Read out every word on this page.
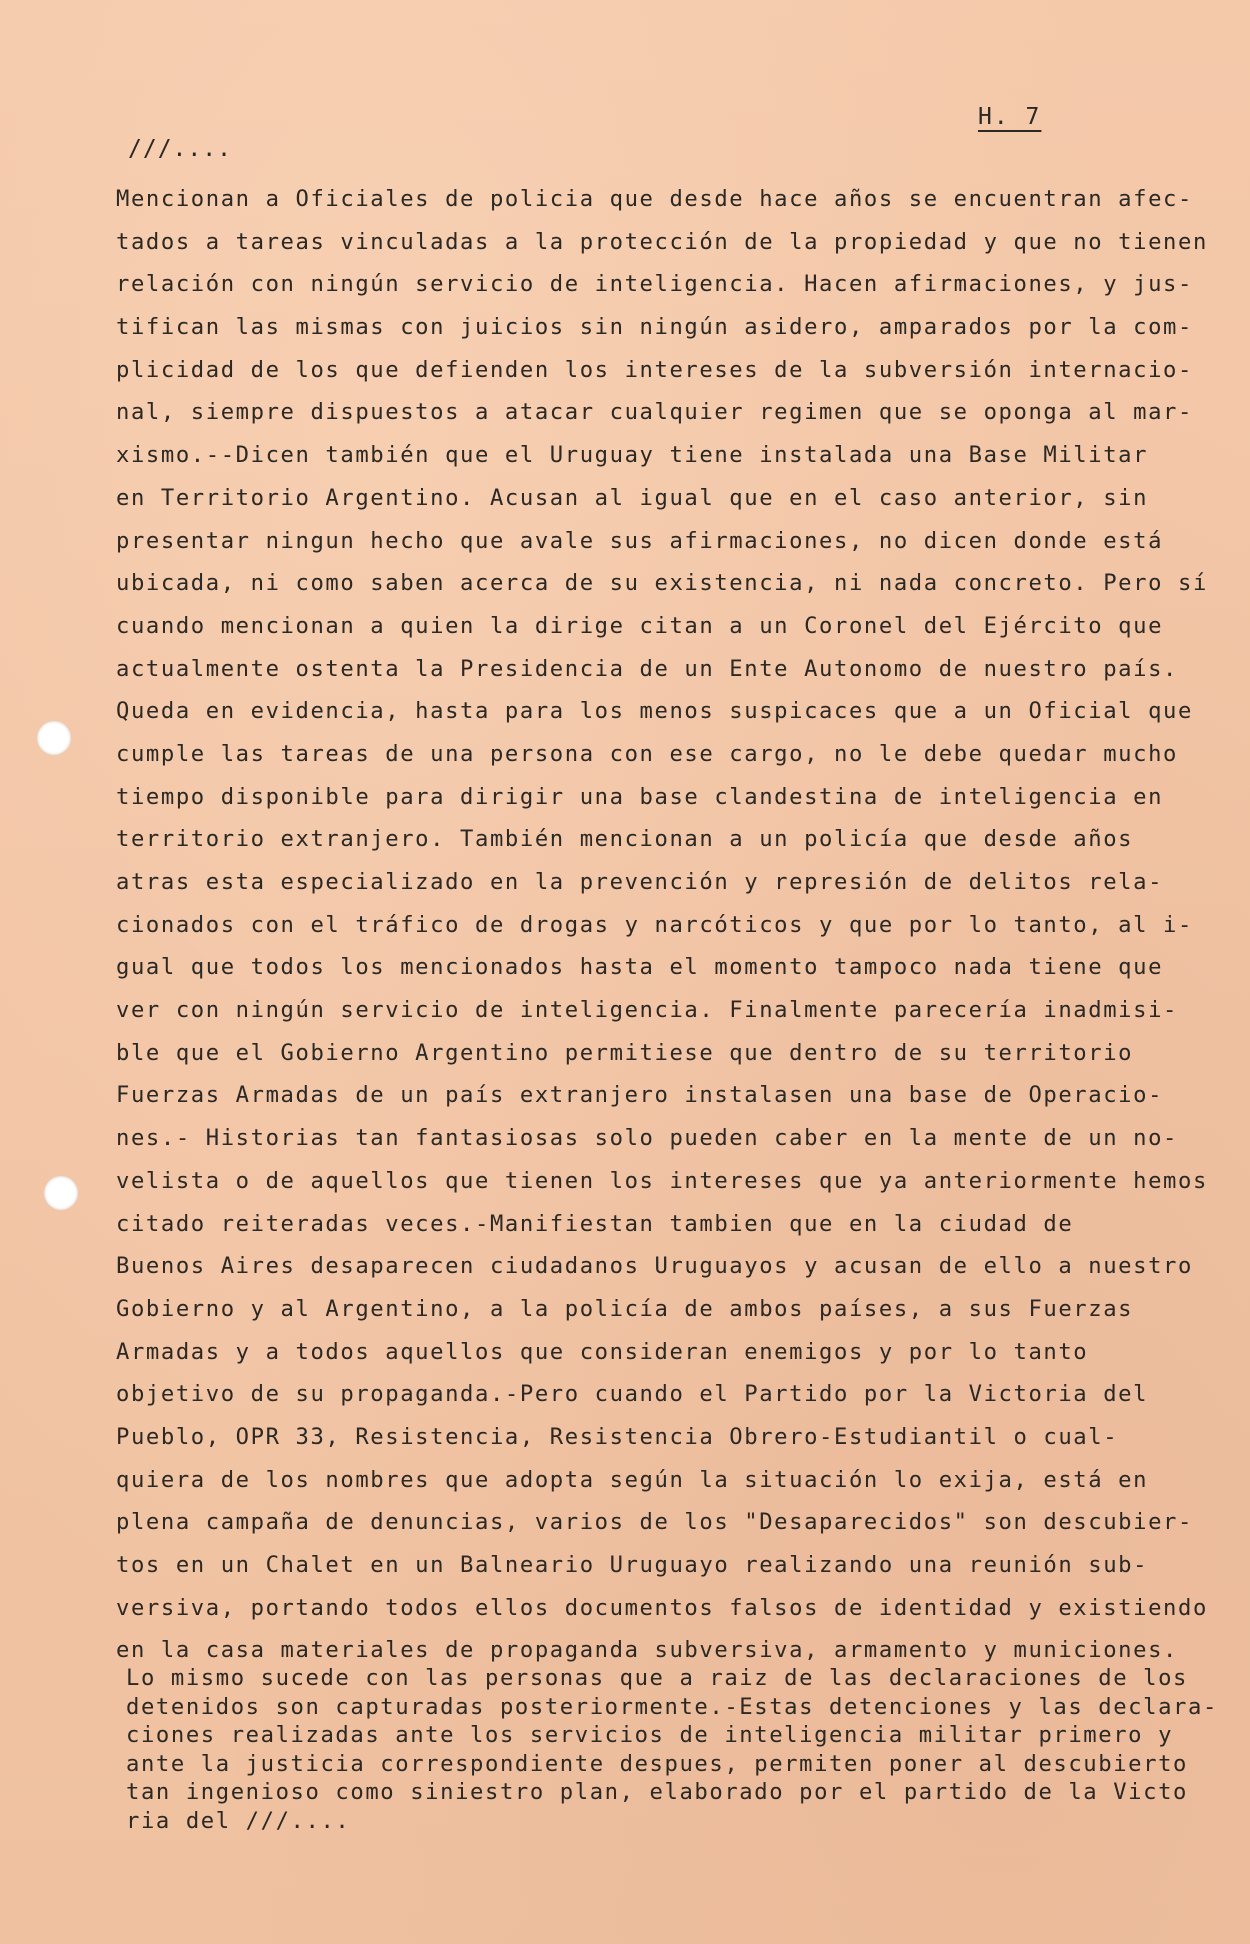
H. 7
///....
Mencionan a Oficiales de policia que desde hace años se encuentran afec-
tados a tareas vinculadas a la protección de la propiedad y que no tienen
relación con ningún servicio de inteligencia. Hacen afirmaciones, y jus-
tifican las mismas con juicios sin ningún asidero, amparados por la com-
plicidad de los que defienden los intereses de la subversión internacio-
nal, siempre dispuestos a atacar cualquier regimen que se oponga al mar-
xismo.--Dicen también que el Uruguay tiene instalada una Base Militar
en Territorio Argentino. Acusan al igual que en el caso anterior, sin
presentar ningun hecho que avale sus afirmaciones, no dicen donde está
ubicada, ni como saben acerca de su existencia, ni nada concreto. Pero sí
cuando mencionan a quien la dirige citan a un Coronel del Ejército que
actualmente ostenta la Presidencia de un Ente Autonomo de nuestro país.
Queda en evidencia, hasta para los menos suspicaces que a un Oficial que
cumple las tareas de una persona con ese cargo, no le debe quedar mucho
tiempo disponible para dirigir una base clandestina de inteligencia en
territorio extranjero. También mencionan a un policía que desde años
atras esta especializado en la prevención y represión de delitos rela-
cionados con el tráfico de drogas y narcóticos y que por lo tanto, al i-
gual que todos los mencionados hasta el momento tampoco nada tiene que
ver con ningún servicio de inteligencia. Finalmente parecería inadmisi-
ble que el Gobierno Argentino permitiese que dentro de su territorio
Fuerzas Armadas de un país extranjero instalasen una base de Operacio-
nes.- Historias tan fantasiosas solo pueden caber en la mente de un no-
velista o de aquellos que tienen los intereses que ya anteriormente hemos
citado reiteradas veces.-Manifiestan tambien que en la ciudad de
Buenos Aires desaparecen ciudadanos Uruguayos y acusan de ello a nuestro
Gobierno y al Argentino, a la policía de ambos países, a sus Fuerzas
Armadas y a todos aquellos que consideran enemigos y por lo tanto
objetivo de su propaganda.-Pero cuando el Partido por la Victoria del
Pueblo, OPR 33, Resistencia, Resistencia Obrero-Estudiantil o cual-
quiera de los nombres que adopta según la situación lo exija, está en
plena campaña de denuncias, varios de los "Desaparecidos" son descubier-
tos en un Chalet en un Balneario Uruguayo realizando una reunión sub-
versiva, portando todos ellos documentos falsos de identidad y existiendo
en la casa materiales de propaganda subversiva, armamento y municiones.
Lo mismo sucede con las personas que a raiz de las declaraciones de los
detenidos son capturadas posteriormente.-Estas detenciones y las declara-
ciones realizadas ante los servicios de inteligencia militar primero y
ante la justicia correspondiente despues, permiten poner al descubierto
tan ingenioso como siniestro plan, elaborado por el partido de la Victo
ria del ///....
